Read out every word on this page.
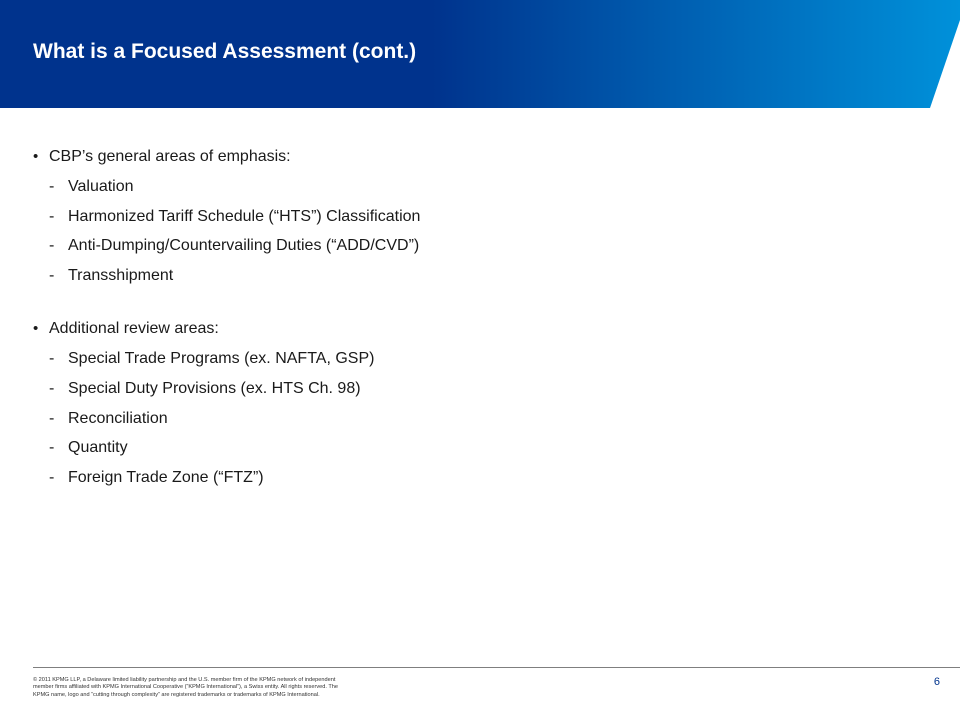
What is a Focused Assessment (cont.)
• CBP’s general areas of emphasis:
- Valuation
- Harmonized Tariff Schedule (“HTS”) Classification
- Anti-Dumping/Countervailing Duties (“ADD/CVD”)
- Transshipment
• Additional review areas:
- Special Trade Programs (ex. NAFTA, GSP)
- Special Duty Provisions (ex. HTS Ch. 98)
- Reconciliation
- Quantity
- Foreign Trade Zone (“FTZ”)

© 2011 KPMG LLP, a Delaware limited liability partnership and the U.S. member firm of the KPMG network of independent member firms affiliated with KPMG International Cooperative (“KPMG International”), a Swiss entity. All rights reserved. The KPMG name, logo and “cutting through complexity” are registered trademarks or trademarks of KPMG International.

6
